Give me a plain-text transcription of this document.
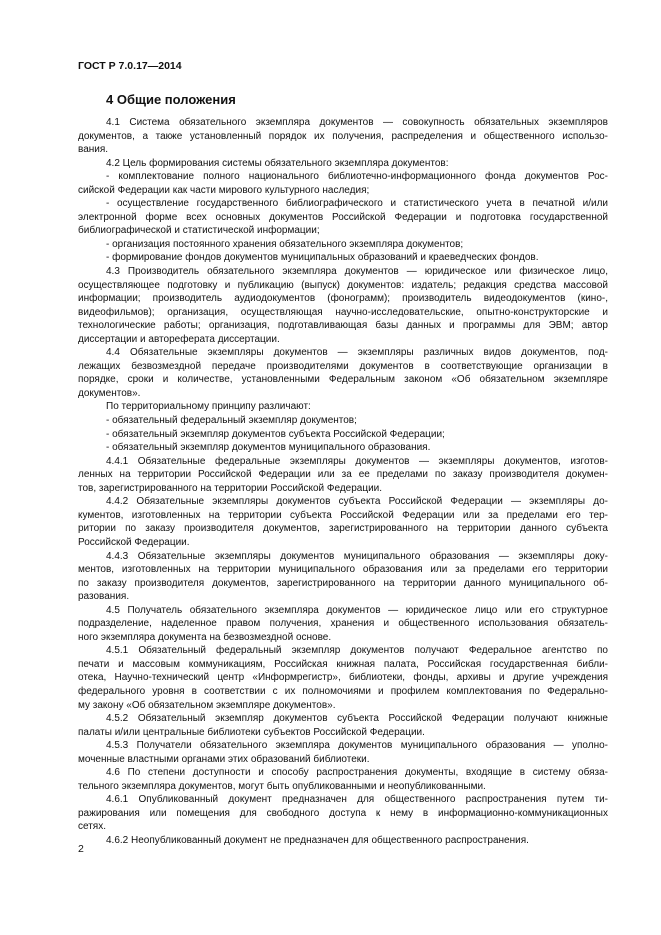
ГОСТ Р 7.0.17—2014
4 Общие положения
4.1 Система обязательного экземпляра документов — совокупность обязательных экземпляров
документов, а также установленный порядок их получения, распределения и общественного использо-
вания.
4.2 Цель формирования системы обязательного экземпляра документов:
- комплектование полного национального библиотечно-информационного фонда документов Рос-
сийской Федерации как части мирового культурного наследия;
- осуществление государственного библиографического и статистического учета в печатной и/или
электронной форме всех основных документов Российской Федерации и подготовка государственной
библиографической и статистической информации;
- организация постоянного хранения обязательного экземпляра документов;
- формирование фондов документов муниципальных образований и краеведческих фондов.
4.3 Производитель обязательного экземпляра документов — юридическое или физическое лицо,
осуществляющее подготовку и публикацию (выпуск) документов: издатель; редакция средства массовой
информации; производитель аудиодокументов (фонограмм); производитель видеодокументов (кино-,
видеофильмов); организация, осуществляющая научно-исследовательские, опытно-конструкторские и
технологические работы; организация, подготавливающая базы данных и программы для ЭВМ; автор
диссертации и автореферата диссертации.
4.4 Обязательные экземпляры документов — экземпляры различных видов документов, под-
лежащих безвозмездной передаче производителями документов в соответствующие организации в
порядке, сроки и количестве, установленными Федеральным законом «Об обязательном экземпляре
документов».
По территориальному принципу различают:
- обязательный федеральный экземпляр документов;
- обязательный экземпляр документов субъекта Российской Федерации;
- обязательный экземпляр документов муниципального образования.
4.4.1 Обязательные федеральные экземпляры документов — экземпляры документов, изготов-
ленных на территории Российской Федерации или за ее пределами по заказу производителя докумен-
тов, зарегистрированного на территории Российской Федерации.
4.4.2 Обязательные экземпляры документов субъекта Российской Федерации — экземпляры до-
кументов, изготовленных на территории субъекта Российской Федерации или за пределами его тер-
ритории по заказу производителя документов, зарегистрированного на территории данного субъекта
Российской Федерации.
4.4.3 Обязательные экземпляры документов муниципального образования — экземпляры доку-
ментов, изготовленных на территории муниципального образования или за пределами его территории
по заказу производителя документов, зарегистрированного на территории данного муниципального об-
разования.
4.5 Получатель обязательного экземпляра документов — юридическое лицо или его структурное
подразделение, наделенное правом получения, хранения и общественного использования обязатель-
ного экземпляра документа на безвозмездной основе.
4.5.1 Обязательный федеральный экземпляр документов получают Федеральное агентство по
печати и массовым коммуникациям, Российская книжная палата, Российская государственная библи-
отека, Научно-технический центр «Информрегистр», библиотеки, фонды, архивы и другие учреждения
федерального уровня в соответствии с их полномочиями и профилем комплектования по Федерально-
му закону «Об обязательном экземпляре документов».
4.5.2 Обязательный экземпляр документов субъекта Российской Федерации получают книжные
палаты и/или центральные библиотеки субъектов Российской Федерации.
4.5.3 Получатели обязательного экземпляра документов муниципального образования — уполно-
моченные властными органами этих образований библиотеки.
4.6 По степени доступности и способу распространения документы, входящие в систему обяза-
тельного экземпляра документов, могут быть опубликованными и неопубликованными.
4.6.1 Опубликованный документ предназначен для общественного распространения путем ти-
ражирования или помещения для свободного доступа к нему в информационно-коммуникационных
сетях.
4.6.2 Неопубликованный документ не предназначен для общественного распространения.
2
